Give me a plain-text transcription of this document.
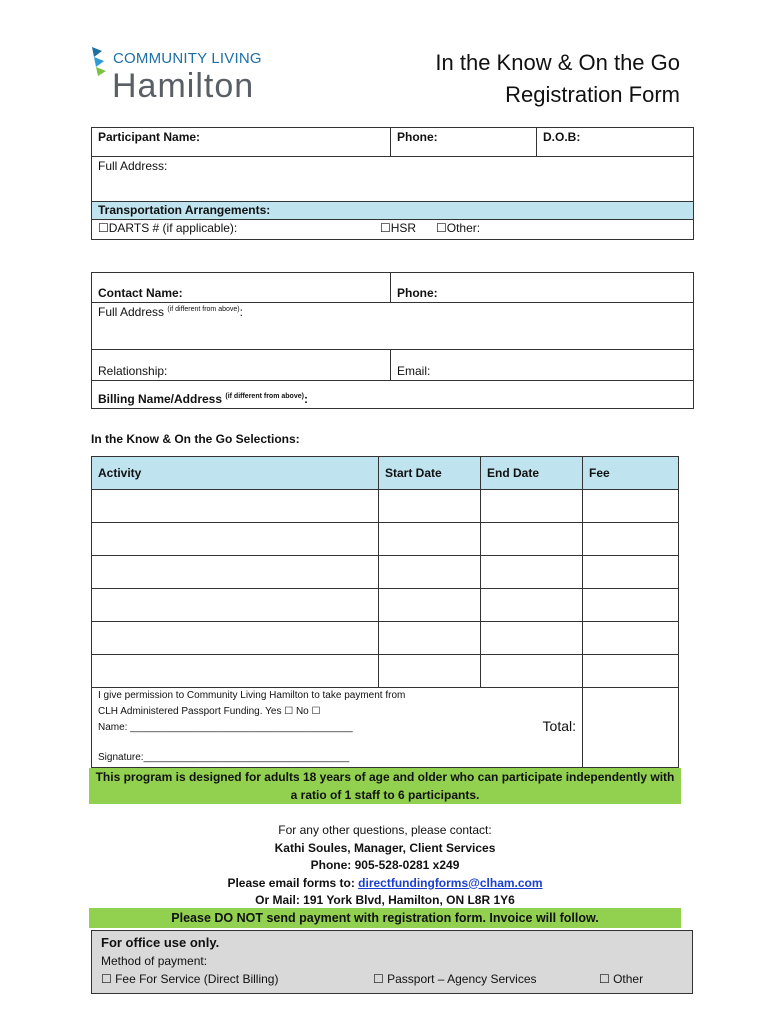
COMMUNITY LIVING
Hamilton
In the Know & On the Go
Registration Form
Participant Name:	Phone:	D.O.B:
Full Address:
Transportation Arrangements:
☐DARTS # (if applicable):	☐HSR ☐Other:
Contact Name:	Phone:
Full Address $^{(if different from above)}$:	
Relationship:	Email:
Billing Name/Address $^{(if different from above)}$:	
In the Know & On the Go Selections:
Activity	Start Date	End Date	Fee

I give permission to Community Living Hamilton to take payment from
CLH Administered Passport Funding. Yes ☐ No ☐
Name: ________________________________________
Signature:_____________________________________
Total:			

This program is designed for adults 18 years of age and older who can participate independently with
a ratio of 1 staff to 6 participants.
For any other questions, please contact:
Kathi Soules, Manager, Client Services
Phone: 905-528-0281 x249
Please email forms to: directfundingforms@clham.com
Or Mail: 191 York Blvd, Hamilton, ON L8R 1Y6
Please DO NOT send payment with registration form. Invoice will follow.
For office use only.
Method of payment:
☐ Fee For Service (Direct Billing)	☐ Passport – Agency Services	☐ Other
